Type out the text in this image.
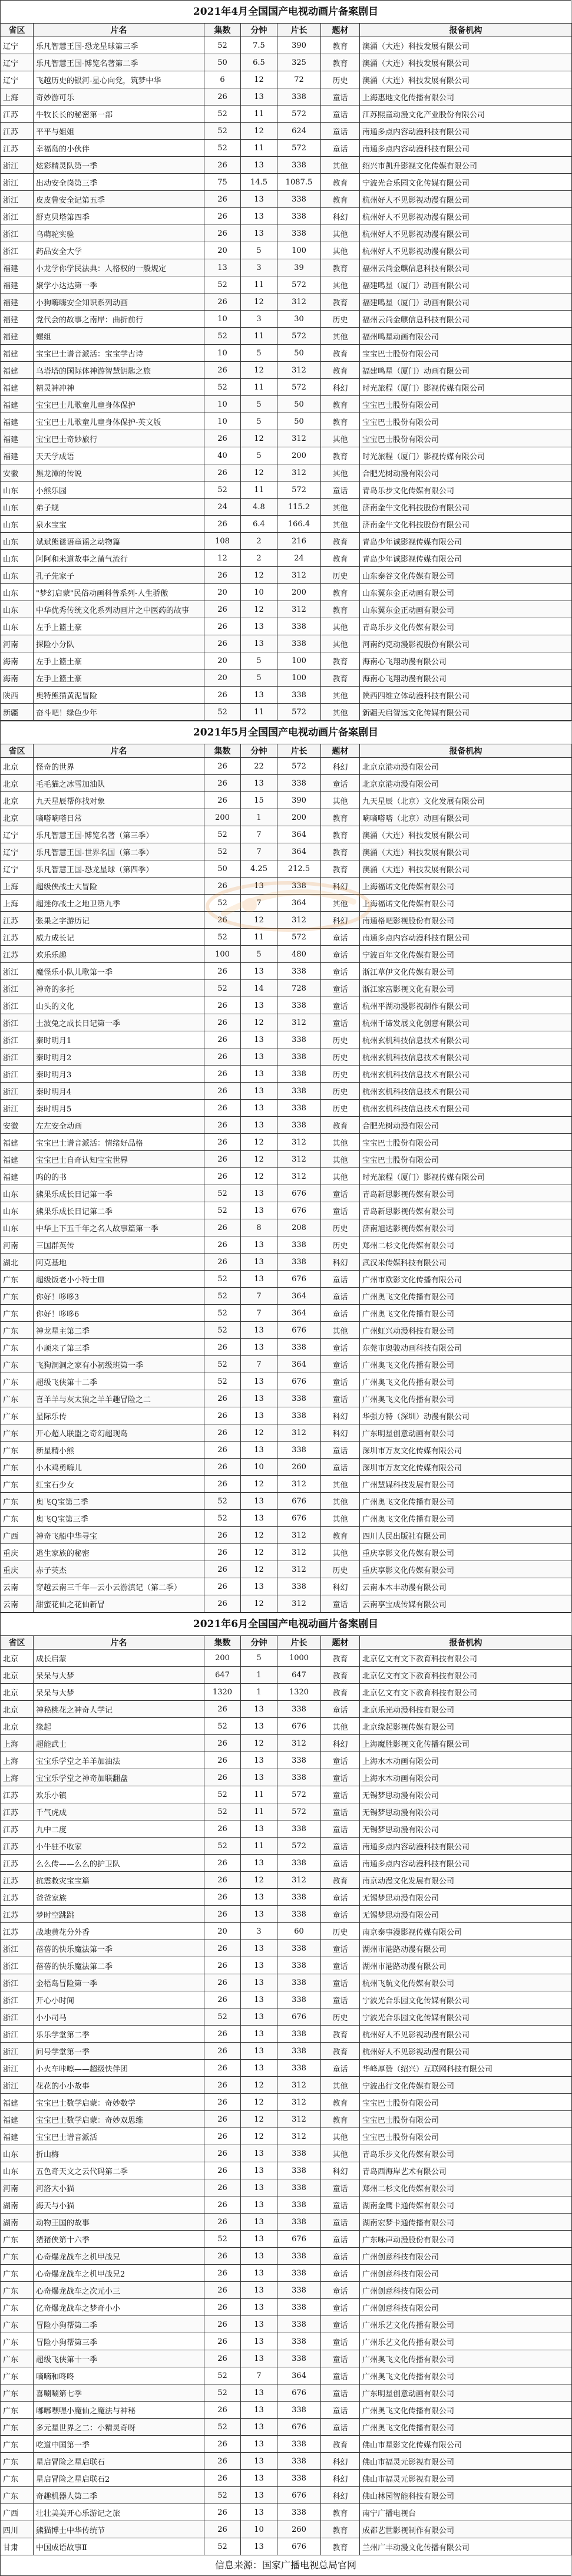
2021年4月全国国产电视动画片备案剧目
省区	片名	集数	分钟	片长	题材	报备机构
辽宁	乐凡智慧王国-恐龙星球第三季	52	7.5	390	教育	澳涌（大连）科技发展有限公司
辽宁	乐凡智慧王国-博览名著第二季	50	6.5	325	教育	澳涌（大连）科技发展有限公司
辽宁	飞越历史的银河-星心向党，筑梦中华	6	12	72	历史	澳涌（大连）科技发展有限公司
上海	奇妙游可乐	26	13	338	童话	上海惠地文化传播有限公司
江苏	牛牧长长的秘密第一部	52	11	572	童话	江苏熙童动漫文化产业股份有限公司
江苏	平平与姐姐	52	12	624	童话	南通多点内容动漫科技有限公司
江苏	幸福岛的小伙伴	52	11	572	童话	南通多点内容动漫科技有限公司
浙江	炫彩精灵队第一季	26	13	338	其他	绍兴市凯升影视文化传媒有限公司
浙江	出动安全岗第三季	75	14.5	1087.5	教育	宁波光合乐园文化传媒有限公司
浙江	皮皮鲁安全记第五季	26	13	338	教育	杭州好人不见影视动漫有限公司
浙江	舒克贝塔第四季	26	13	338	科幻	杭州好人不见影视动漫有限公司
浙江	乌萌驼实验	26	13	338	其他	杭州好人不见影视动漫有限公司
浙江	药品安全大学	20	5	100	其他	杭州好人不见影视动漫有限公司
福建	小龙学你学民法典：人格权的一般规定	13	3	39	教育	福州云尚金麒信息科技有限公司
福建	聚学小达达第一季	52	11	572	其他	福建鸣星（厦门）动画有限公司
福建	小狗嗨嗨安全知识系列动画	26	12	312	教育	福建鸣星（厦门）动画有限公司
福建	党代会的故事之南岸：曲折前行	10	3	30	历史	福州云尚金麒信息科技有限公司
福建	螺组	52	11	572	其他	福州鸣星动画有限公司
福建	宝宝巴士谱音派活：宝宝学古诗	10	5	50	教育	宝宝巴士股份有限公司
福建	乌塔塔的国际体神游智慧钥匙之旅	26	12	312	教育	福建鸣星（厦门）动画有限公司
福建	精灵神冲神	52	11	572	科幻	时光旅程（厦门）影视传媒有限公司
福建	宝宝巴士儿歌童儿童身体保护	10	5	50	教育	宝宝巴士股份有限公司
福建	宝宝巴士儿歌童儿童身体保护-英文版	10	5	50	教育	宝宝巴士股份有限公司
福建	宝宝巴士奇妙旅行	26	12	312	其他	宝宝巴士股份有限公司
福建	天天学成语	40	5	200	教育	时光旅程（厦门）影视传媒有限公司
安徽	黑龙潭的传说	26	12	312	其他	合肥光树动漫有限公司
山东	小熊乐园	52	11	572	童话	青岛乐步文化传媒有限公司
山东	弟子规	24	4.8	115.2	其他	济南金牛文化科技股份有限公司
山东	泉水宝宝	26	6.4	166.4	其他	济南金牛文化科技股份有限公司
山东	斌斌熊谜语童谣之动物篇	108	2	216	教育	青岛少年诚影视传媒有限公司
山东	阿阿和米道故事之蒲气流行	12	2	24	教育	青岛少年诚影视传媒有限公司
山东	孔子先家子	26	12	312	历史	山东泰谷文化传媒有限公司
山东	"梦幻启蒙"民俗动画科普系列-人生骄傲	20	10	200	教育	山东翼东金正动画有限公司
山东	中华优秀传统文化系列动画片之中医药的故事	26	12	312	教育	山东翼东金正动画有限公司
山东	左手上篮土豪	26	13	338	其他	青岛乐步文化传媒有限公司
河南	探险小分队	26	13	338	其他	河南约克动漫影视股份有限公司
海南	左手上篮土豪	20	5	100	教育	海南心飞翔动漫有限公司
海南	左手上篮土豪	20	5	100	教育	海南心飞翔动漫有限公司
陕西	奥特熊猫黄泥冒险	26	13	338	其他	陕西四维立体动漫科技有限公司
新疆	奋斗吧！绿色少年	52	11	572	其他	新疆天启智远文化传媒有限公司
2021年5月全国国产电视动画片备案剧目
省区	片名	集数	分钟	片长	题材	报备机构
北京	怪奇的世界	26	22	572	科幻	北京京港动漫有限公司
北京	毛毛猫之冰雪加油队	26	13	338	童话	北京京港动漫有限公司
北京	九天星辰帮你找对象	26	15	390	其他	九天星辰（北京）文化发展有限公司
北京	嘀嗒嘀嗒日常	200	1	200	教育	嘀嘀嗒嗒（北京）动画有限公司
辽宁	乐凡智慧王国-博览名著（第三季）	52	7	364	教育	澳涌（大连）科技发展有限公司
辽宁	乐凡智慧王国-世界名国（第二季）	52	7	364	教育	澳涌（大连）科技发展有限公司
辽宁	乐凡智慧王国-恐龙星球（第四季）	50	4.25	212.5	教育	澳涌（大连）科技发展有限公司
上海	超级侠战士大冒险	26	13	338	科幻	上海福诺文化传媒有限公司
上海	超迷你战士之地卫第九季	52	7	364	其他	上海福诺文化传媒有限公司
江苏	张果之字游历记	26	12	312	科幻	南通格吧影视股份有限公司
江苏	威力成长记	52	11	572	童话	南通多点内容动漫科技有限公司
江苏	欢乐乐趣	100	5	480	童话	宁波百年文化传媒有限公司
浙江	魔怪乐小队儿歌第一季	26	13	338	童话	浙江草伊文化传媒有限公司
浙江	神奇的多托	52	14	728	童话	浙江家富影视文化有限公司
浙江	山头的文化	26	13	338	童话	杭州平湖动漫影视制作有限公司
浙江	土波兔之成长日记第一季	26	12	312	童话	杭州千谛发展文化创意有限公司
浙江	秦时明月1	26	13	338	历史	杭州玄机科技信息技术有限公司
浙江	秦时明月2	26	13	338	历史	杭州玄机科技信息技术有限公司
浙江	秦时明月3	26	13	338	历史	杭州玄机科技信息技术有限公司
浙江	秦时明月4	26	13	338	历史	杭州玄机科技信息技术有限公司
浙江	秦时明月5	26	13	338	历史	杭州玄机科技信息技术有限公司
安徽	左左安全动画	26	13	338	教育	合肥光树动漫有限公司
福建	宝宝巴士谱音派活：情绪好品格	26	12	312	其他	宝宝巴士股份有限公司
福建	宝宝巴士自奇认知宝宝世界	26	12	312	其他	宝宝巴士股份有限公司
福建	呜的的书	26	12	312	其他	时光旅程（厦门）影视传媒有限公司
山东	熊果乐成长日记第一季	52	13	676	童话	青岛新思影视传媒有限公司
山东	熊果乐成长日记第二季	52	13	676	童话	青岛新思影视传媒有限公司
山东	中华上下五千年之名人故事篇第一季	26	8	208	历史	济南旭达影视传媒有限公司
河南	三国群英传	26	13	338	历史	郑州二杉文化传媒有限公司
湖北	阿克基地	26	13	338	科幻	武汉米传媒科技有限公司
广东	超级饭老小小特士Ⅲ	52	13	676	童话	广州市欧影文化传播有限公司
广东	你好！哆哆3	52	7	364	童话	广州奥飞文化传播有限公司
广东	你好！哆哆6	52	7	364	童话	广州奥飞文化传播有限公司
广东	神龙星主第二季	52	13	676	其他	广州虹兴动漫科技有限公司
广东	小顽来了第三季	26	13	338	童话	东莞市奥骏动画科技有限公司
广东	飞狗洞洞之家有小初级班第一季	52	7	364	童话	广州奥飞文化传播有限公司
广东	超级飞侠第十二季	52	13	676	童话	广州奥飞文化传播有限公司
广东	喜羊羊与灰太狼之羊羊趣冒险之二	26	13	338	童话	广州奥飞文化传播有限公司
广东	星际乐传	26	13	338	科幻	华强方特（深圳）动漫有限公司
广东	开心超人联盟之奇幻超现岛	26	12	312	科幻	广东明星创意动画有限公司
广东	新星精小熊	26	13	338	童话	深圳市万友文化传媒有限公司
广东	小木鸡勇嗨儿	26	10	260	童话	深圳市万友文化传媒有限公司
广东	红宝石少女	26	12	312	其他	广州慧媒科技发展有限公司
广东	奥飞Q宝第二季	52	13	676	其他	广州奥飞文化传播有限公司
广东	奥飞Q宝第三季	52	13	676	其他	广州奥飞文化传播有限公司
广西	神奇飞船中华寻宝	26	12	312	教育	四川人民出版社有限公司
重庆	逃生家族的秘密	26	12	312	其他	重庆享影文化传媒有限公司
重庆	赤子英杰	26	12	312	历史	重庆享影文化传媒有限公司
云南	穿越云南三千年—云小云游滇记（第二季）	26	13	338	科幻	云南本木丰动漫有限公司
云南	甜蜜花仙之花仙新冒	26	12	312	童话	云南享宝成传媒有限公司
2021年6月全国国产电视动画片备案剧目
省区	片名	集数	分钟	片长	题材	报备机构
北京	成长启蒙	200	5	1000	教育	北京亿文有文下教育科技有限公司
北京	呆呆与大梦	647	1	647	教育	北京亿文有文下教育科技有限公司
北京	呆呆与大梦	1320	1	1320	教育	北京亿文有文下教育科技有限公司
北京	神秘桃花之神奇人学记	26	13	338	童话	北京乐光动漫科技有限公司
北京	缘起	52	13	676	其他	北京缘起影视传媒有限公司
上海	超能武士	26	12	312	科幻	上海魔胜影视文化传播有限公司
上海	宝宝乐学堂之羊羊加油法	26	13	338	童话	上海水木动画有限公司
上海	宝宝乐学堂之神奇加联翻盘	26	13	338	童话	上海水木动画有限公司
江苏	欢乐小镇	52	11	572	童话	无锡梦思动漫有限公司
江苏	千气虎成	52	11	572	童话	无锡梦思动漫有限公司
江苏	九中二度	26	13	338	童话	无锡梦思动漫有限公司
江苏	小牛驻不收家	52	11	572	童话	南通多点内容动漫科技有限公司
江苏	么么传——么么的护卫队	26	13	338	童话	南通多点内容动漫科技有限公司
江苏	抗震救灾宝宝篇	26	12	312	教育	南京动漫文化发展有限公司
江苏	爸爸家族	26	13	338	童话	无锡梦思动漫有限公司
江苏	梦时空跳跳	26	13	338	童话	无锡梦思动漫有限公司
江苏	战地黄花分外香	20	3	60	历史	南京泰事漫影视传媒有限公司
浙江	蓓蓓的快乐魔法第一季	26	13	338	童话	湖州市港路动漫有限公司
浙江	蓓蓓的快乐魔法第二季	26	13	338	童话	湖州市港路动漫有限公司
浙江	金梧岛冒险第一季	26	13	338	童话	杭州飞航文化传媒有限公司
浙江	开心小时间	26	13	338	童话	宁波光合乐园文化传媒有限公司
浙江	小小司马	52	13	676	历史	宁波光合乐园文化传媒有限公司
浙江	乐乐学堂第二季	26	13	338	教育	杭州好人不见影视动漫有限公司
浙江	问号学堂第一季	26	13	338	教育	杭州好人不见影视动漫有限公司
浙江	小火车咔嚓——超级快伴团	26	13	338	童话	华峰厚赞（绍兴）互联网科技有限公司
浙江	花花的小小故事	26	12	312	其他	宁波出行文化传媒有限公司
福建	宝宝巴士数学启蒙：奇妙数学	26	12	312	教育	宝宝巴士股份有限公司
福建	宝宝巴士数学启蒙：奇妙双思维	26	12	312	教育	宝宝巴士股份有限公司
福建	宝宝巴士谱音派活	26	12	312	其他	宝宝巴士股份有限公司
山东	折山梅	26	13	338	其他	青岛乐步文化传媒有限公司
山东	五色奇天文之云代码第二季	26	13	338	科幻	青岛西海岸艺术有限公司
河南	河洛大小猫	26	13	338	童话	郑州二杉文化传媒有限公司
湖南	海天与小猫	26	13	338	童话	湖南金鹰卡通传媒有限公司
湖南	动物王国的故事	26	13	338	童话	湖南宏梦卡通传播有限公司
广东	猪猪侠第十六季	52	13	676	童话	广东咏声动漫股份有限公司
广东	心奇爆龙战车之机甲战兄	26	13	338	童话	广州创意科技有限公司
广东	心奇爆龙战车之机甲战兄2	26	13	338	童话	广州创意科技有限公司
广东	心奇爆龙战车之次元小三	26	13	338	童话	广州创意科技有限公司
广东	亿奇爆龙战车之梦奇小小	26	13	338	童话	广州创意科技有限公司
广东	冒险小狗帮第二季	26	13	338	童话	广州乐艺文化传播有限公司
广东	冒险小狗帮第三季	26	13	338	童话	广州乐艺文化传播有限公司
广东	超级飞侠第十一季	26	13	338	童话	广州奥飞文化传播有限公司
广东	嘀嘀和咚咚	52	7	364	童话	广州奥飞文化传播有限公司
广东	喜唰唰第七季	52	13	676	童话	广东明星创意动画有限公司
广东	嘟嘟嘿嘿小魔仙之魔法与神秘	26	13	338	童话	广州奥飞文化传播有限公司
广东	多元星世界之二：小精灵奇呀	52	13	676	童话	广州奥飞文化传播有限公司
广东	吃道中国第一季	26	13	338	教育	佛山市星影文化传媒有限公司
广东	星启冒险之星启联石	26	13	338	科幻	佛山市福灵元影视有限公司
广东	星启冒险之星启联石2	26	13	338	科幻	佛山市福灵元影视有限公司
广东	奇趣机器人第二季	52	13	676	科幻	佛山林园智能科技有限公司
广西	壮壮美美开心乐游记之旅	26	13	338	教育	南宁广播电视台
四川	熊猫博士中华传统节	26	10	260	教育	成都艺世影视制作有限公司
甘肃	中国成语故事Ⅱ	52	13	676	教育	兰州广丰动漫文化传播有限公司
信息来源：国家广播电视总局官网
